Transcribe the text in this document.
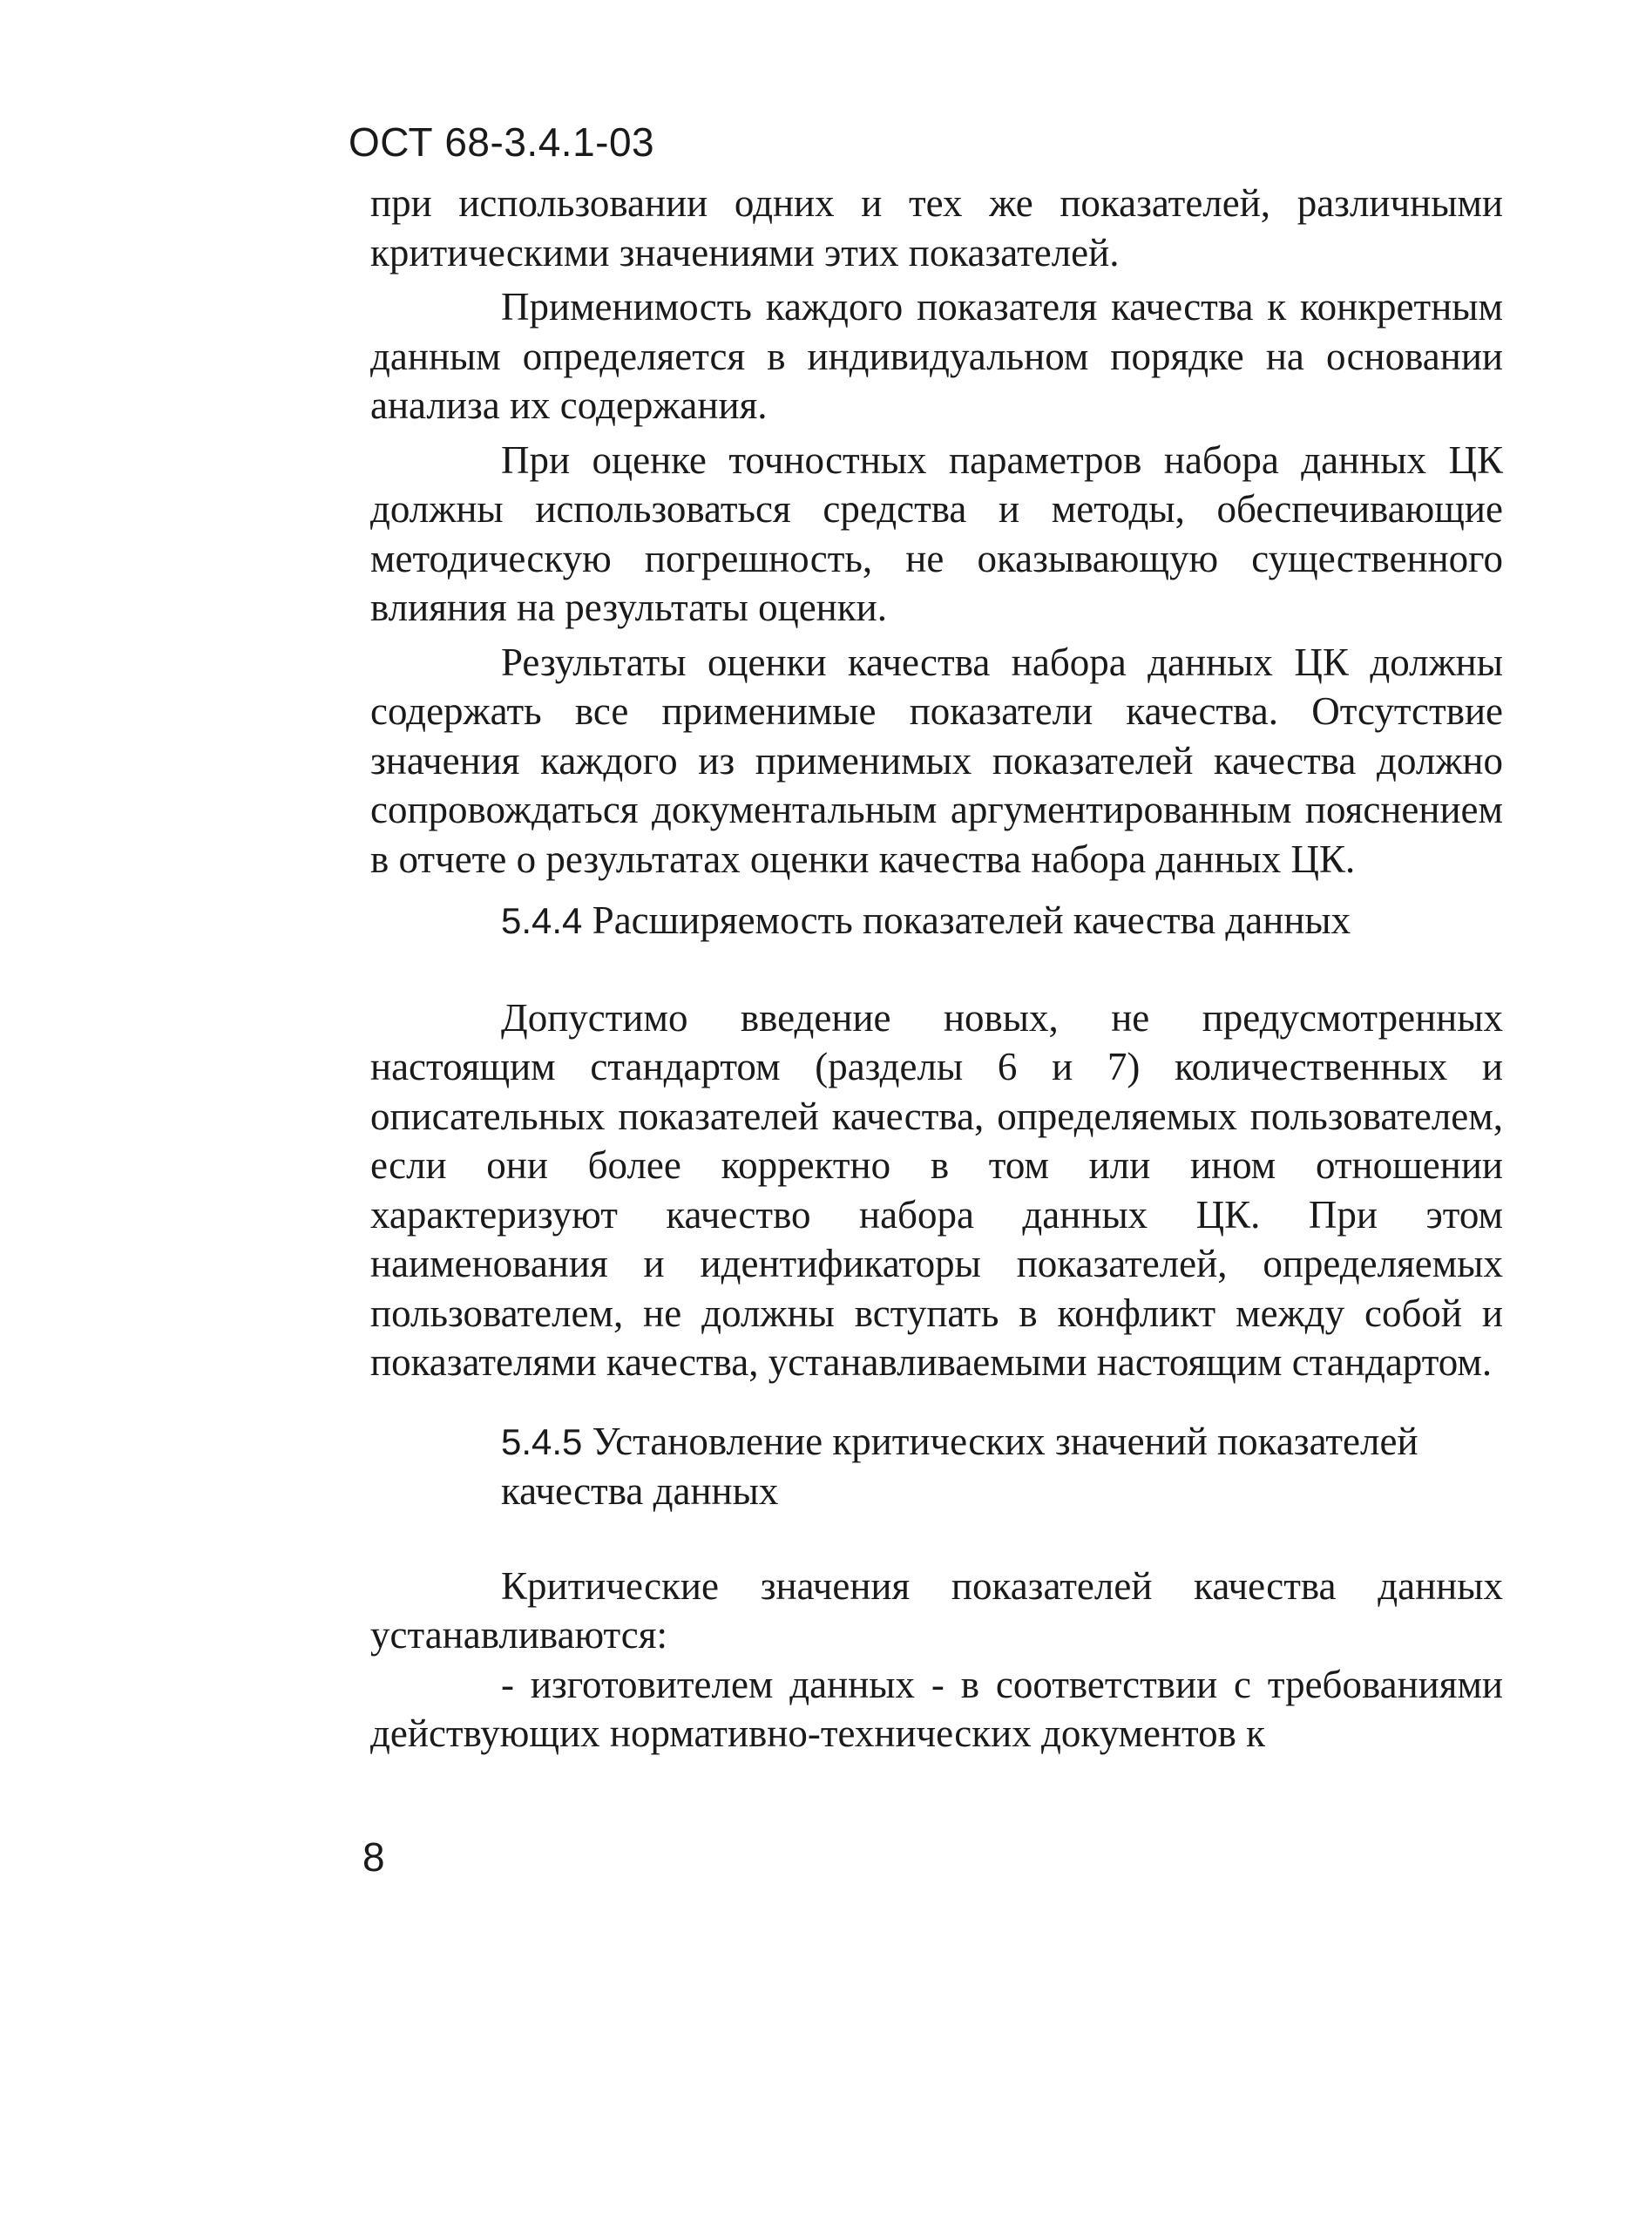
ОСТ 68-3.4.1-03

при использовании одних и тех же показателей, различными критическими значениями этих показателей.

Применимость каждого показателя качества к конкретным данным определяется в индивидуальном порядке на основании анализа их содержания.

При оценке точностных параметров набора данных ЦК должны использоваться средства и методы, обеспечивающие методическую погрешность, не оказывающую существенного влияния на результаты оценки.

Результаты оценки качества набора данных ЦК должны содержать все применимые показатели качества. Отсутствие значения каждого из применимых показателей качества должно сопровождаться документальным аргументированным пояснением в отчете о результатах оценки качества набора данных ЦК.

5.4.4 Расширяемость показателей качества данных

Допустимо введение новых, не предусмотренных настоящим стандартом (разделы 6 и 7) количественных и описательных показателей качества, определяемых пользователем, если они более корректно в том или ином отношении характеризуют качество набора данных ЦК. При этом наименования и идентификаторы показателей, определяемых пользователем, не должны вступать в конфликт между собой и показателями качества, устанавливаемыми настоящим стандартом.

5.4.5 Установление критических значений показателей качества данных

Критические значения показателей качества данных устанавливаются:

- изготовителем данных - в соответствии с требованиями действующих нормативно-технических документов к

8
